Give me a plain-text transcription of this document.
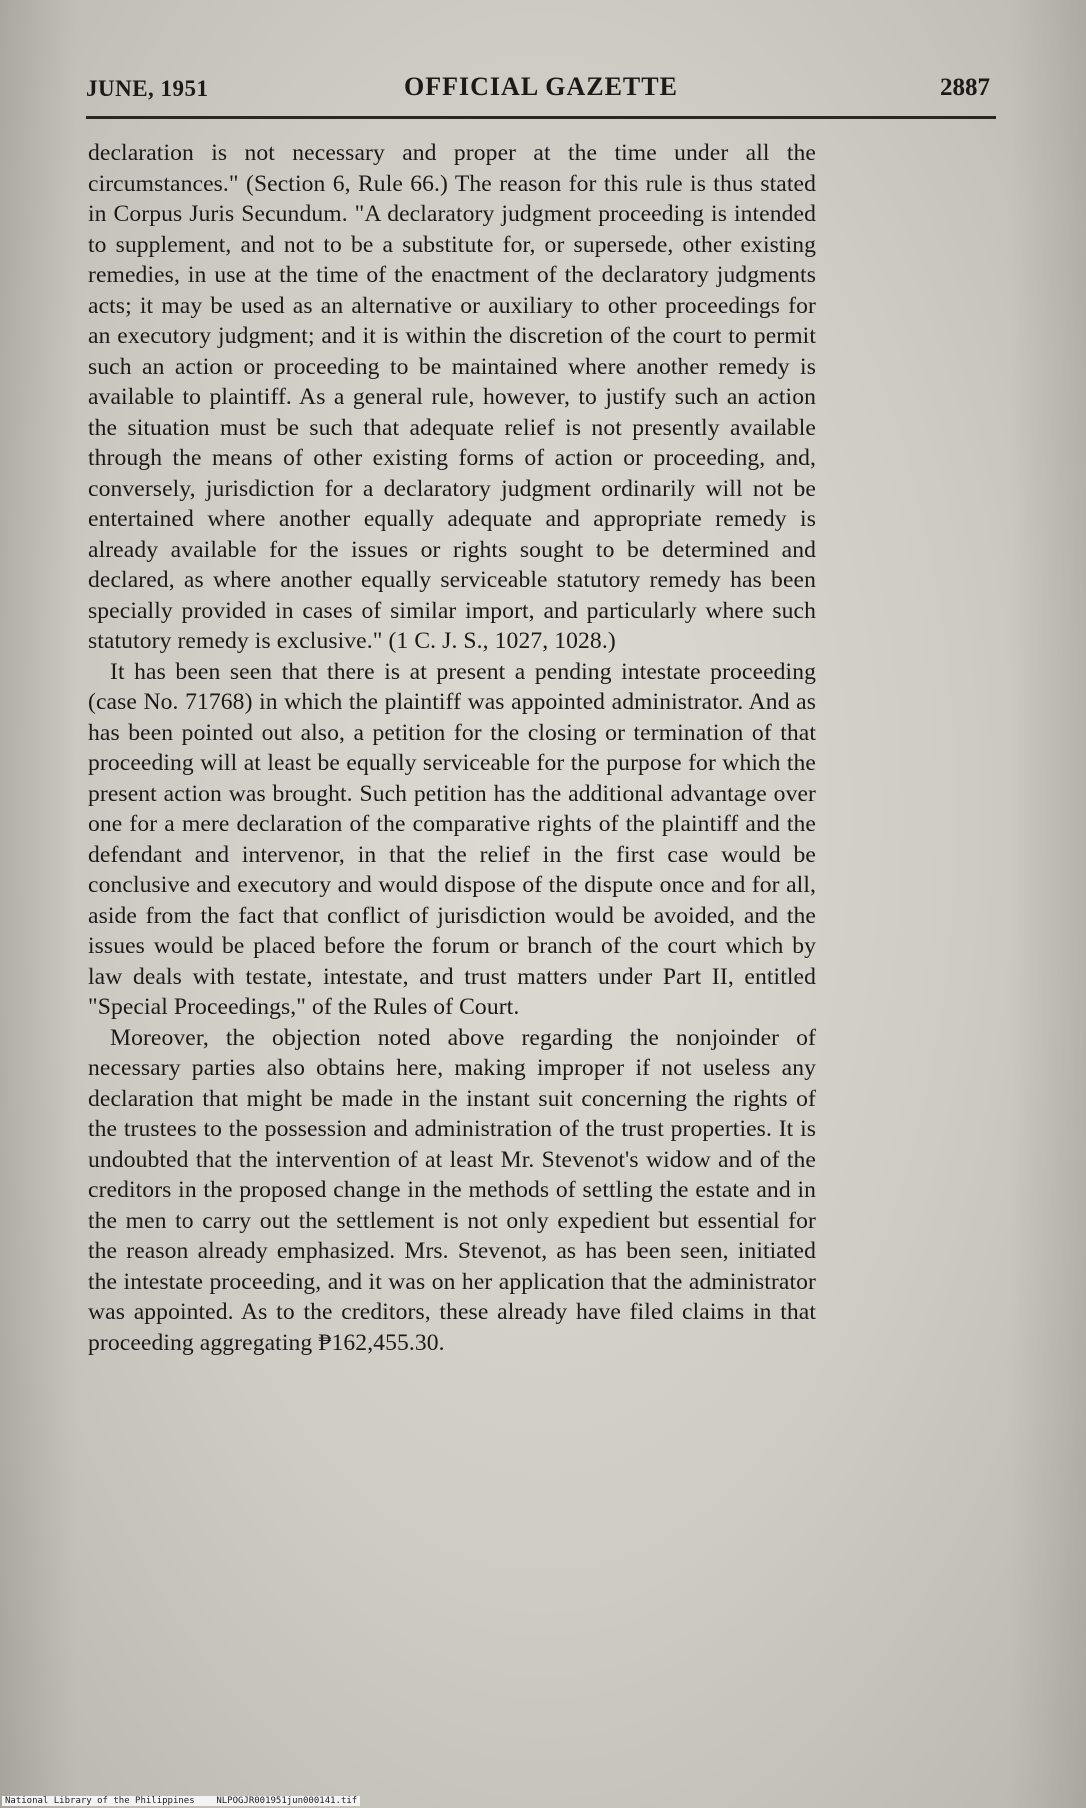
JUNE, 1951	OFFICIAL GAZETTE	2887

declaration is not necessary and proper at the time under all the circumstances." (Section 6, Rule 66.) The reason for this rule is thus stated in Corpus Juris Secundum. "A declaratory judgment proceeding is intended to supplement, and not to be a substitute for, or supersede, other existing remedies, in use at the time of the enactment of the declaratory judgments acts; it may be used as an alternative or auxiliary to other proceedings for an executory judgment; and it is within the discretion of the court to permit such an action or proceeding to be maintained where another remedy is available to plaintiff. As a general rule, however, to justify such an action the situation must be such that adequate relief is not presently available through the means of other existing forms of action or proceeding, and, conversely, jurisdiction for a declaratory judgment ordinarily will not be entertained where another equally adequate and appropriate remedy is already available for the issues or rights sought to be determined and declared, as where another equally serviceable statutory remedy has been specially provided in cases of similar import, and particularly where such statutory remedy is exclusive." (1 C. J. S., 1027, 1028.)

It has been seen that there is at present a pending intestate proceeding (case No. 71768) in which the plaintiff was appointed administrator. And as has been pointed out also, a petition for the closing or termination of that proceeding will at least be equally serviceable for the purpose for which the present action was brought. Such petition has the additional advantage over one for a mere declaration of the comparative rights of the plaintiff and the defendant and intervenor, in that the relief in the first case would be conclusive and executory and would dispose of the dispute once and for all, aside from the fact that conflict of jurisdiction would be avoided, and the issues would be placed before the forum or branch of the court which by law deals with testate, intestate, and trust matters under Part II, entitled "Special Proceedings," of the Rules of Court.

Moreover, the objection noted above regarding the nonjoinder of necessary parties also obtains here, making improper if not useless any declaration that might be made in the instant suit concerning the rights of the trustees to the possession and administration of the trust properties. It is undoubted that the intervention of at least Mr. Stevenot's widow and of the creditors in the proposed change in the methods of settling the estate and in the men to carry out the settlement is not only expedient but essential for the reason already emphasized. Mrs. Stevenot, as has been seen, initiated the intestate proceeding, and it was on her application that the administrator was appointed. As to the creditors, these already have filed claims in that proceeding aggregating ₱162,455.30.

National Library of the Philippines    NLPOGJR001951jun000141.tif
